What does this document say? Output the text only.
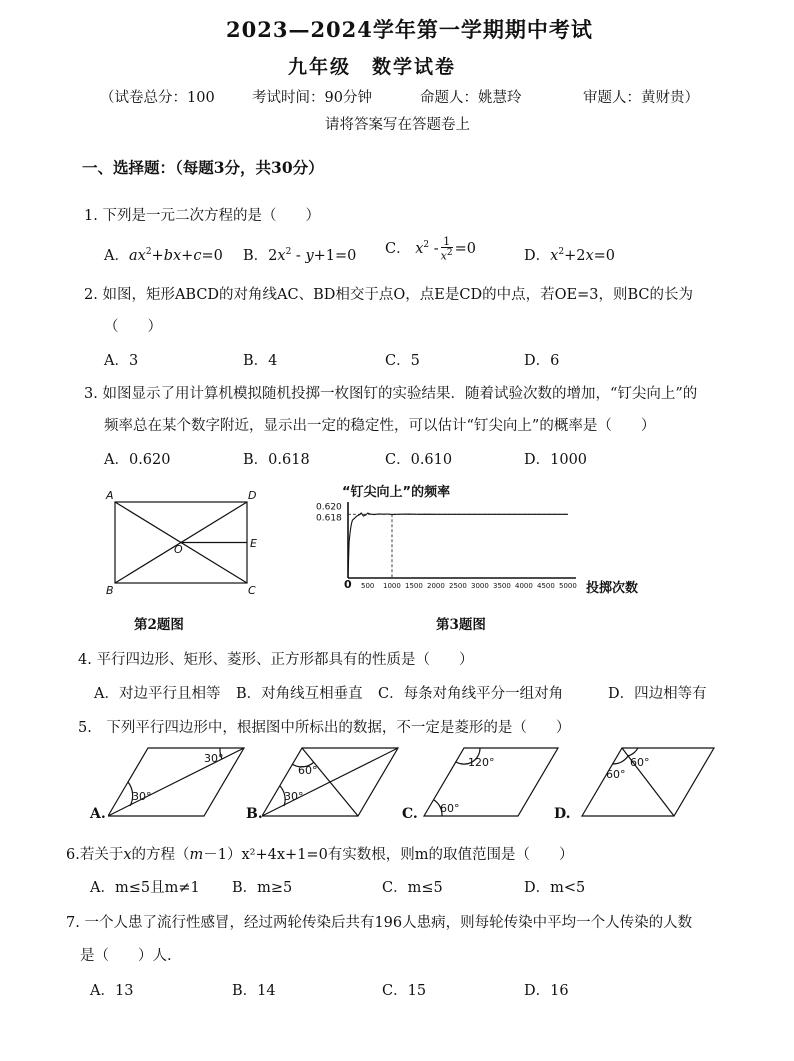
2023—2024学年第一学期期中考试
九年级　数学试卷
（试卷总分：100	考试时间：90分钟	命题人：姚慧玲	审题人：黄财贵）
请将答案写在答题卷上
一、选择题：（每题3分，共30分）
1. 下列是一元二次方程的是（　　）
A．$ax^2+bx+c=0$ B．$2x^2 - y+1=0$ C． $x^2 - \frac{1}{x^2} =0$	D．$x^2+2x=0$
2. 如图，矩形ABCD的对角线AC、BD相交于点O，点E是CD的中点，若OE=3，则BC的长为
（　　）
A．3	B．4	C．5	D．6
3. 如图显示了用计算机模拟随机投掷一枚图钉的实验结果．随着试验次数的增加，“钉尖向上”的
频率总在某个数字附近，显示出一定的稳定性，可以估计“钉尖向上”的概率是（　　）
A．0.620	B．0.618	C．0.610	D．1000
A	D
O	E
B	C
第2题图
“钉尖向上”的频率
投掷次数
0.620
0.618
0 500 1000 1500 2000 2500 3000 3500 4000 4500 5000
第3题图
4. 平行四边形、矩形、菱形、正方形都具有的性质是（　　）
A．对边平行且相等 B．对角线互相垂直 C．每条对角线平分一组对角	D．四边相等有
5.　下列平行四边形中，根据图中所标出的数据，不一定是菱形的是（　　）
A.
30°
30°
B.
60°
30°
C.
120°
60°	D.
60°
60°
6.若关于x的方程（m－1）x²+4x+1=0有实数根，则m的取值范围是（　　）
A．m≤5且m≠1 B．m≥5	C．m≤5	D．m<5
7. 一个人患了流行性感冒，经过两轮传染后共有196人患病，则每轮传染中平均一个人传染的人数
是（　　）人.
A．13	B．14	C．15	D．16
